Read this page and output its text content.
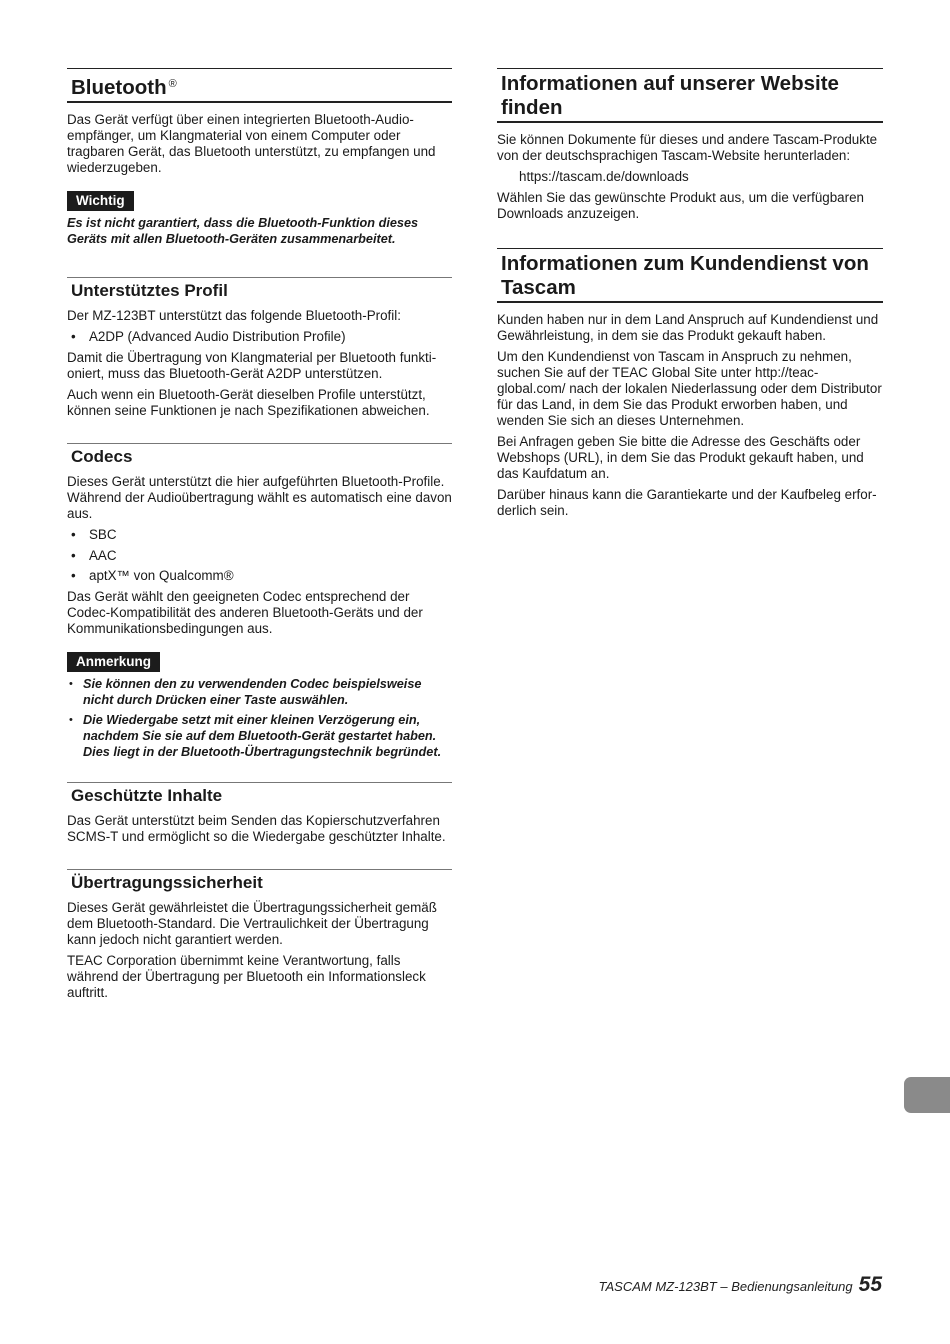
Bluetooth ®

Das Gerät verfügt über einen integrierten Bluetooth-Audio-empfänger, um Klangmaterial von einem Computer oder tragbaren Gerät, das Bluetooth unterstützt, zu empfangen und wiederzugeben.

Wichtig

Es ist nicht garantiert, dass die Bluetooth-Funktion dieses Geräts mit allen Bluetooth-Geräten zusammenarbeitet.

Unterstütztes Profil

Der MZ-123BT unterstützt das folgende Bluetooth-Profil:

• A2DP (Advanced Audio Distribution Profile)

Damit die Übertragung von Klangmaterial per Bluetooth funkti-oniert, muss das Bluetooth-Gerät A2DP unterstützen.

Auch wenn ein Bluetooth-Gerät dieselben Profile unterstützt, können seine Funktionen je nach Spezifikationen abweichen.

Codecs

Dieses Gerät unterstützt die hier aufgeführten Bluetooth-Profile. Während der Audioübertragung wählt es automatisch eine davon aus.

• SBC
• AAC
• aptX™ von Qualcomm®

Das Gerät wählt den geeigneten Codec entsprechend der Codec-Kompatibilität des anderen Bluetooth-Geräts und der Kommunikationsbedingungen aus.

Anmerkung
• Sie können den zu verwendenden Codec beispielsweise nicht durch Drücken einer Taste auswählen.
• Die Wiedergabe setzt mit einer kleinen Verzögerung ein, nachdem Sie sie auf dem Bluetooth-Gerät gestartet haben. Dies liegt in der Bluetooth-Übertragungstechnik begründet.
Geschützte Inhalte

Das Gerät unterstützt beim Senden das Kopierschutzverfahren SCMS-T und ermöglicht so die Wiedergabe geschützter Inhalte.

Übertragungssicherheit

Dieses Gerät gewährleistet die Übertragungssicherheit gemäß dem Bluetooth-Standard. Die Vertraulichkeit der Übertragung kann jedoch nicht garantiert werden.

TEAC Corporation übernimmt keine Verantwortung, falls während der Übertragung per Bluetooth ein Informationsleck auftritt.

Informationen auf unserer Website finden

Sie können Dokumente für dieses und andere Tascam-Produkte von der deutschsprachigen Tascam-Website herunterladen:

https://tascam.de/downloads

Wählen Sie das gewünschte Produkt aus, um die verfügbaren Downloads anzuzeigen.

Informationen zum Kundendienst von Tascam

Kunden haben nur in dem Land Anspruch auf Kundendienst und Gewährleistung, in dem sie das Produkt gekauft haben.

Um den Kundendienst von Tascam in Anspruch zu nehmen, suchen Sie auf der TEAC Global Site unter http://teac-global.com/ nach der lokalen Niederlassung oder dem Distributor für das Land, in dem Sie das Produkt erworben haben, und wenden Sie sich an dieses Unternehmen.

Bei Anfragen geben Sie bitte die Adresse des Geschäfts oder Webshops (URL), in dem Sie das Produkt gekauft haben, und das Kaufdatum an.

Darüber hinaus kann die Garantiekarte und der Kaufbeleg erfor-derlich sein.

TASCAM MZ-123BT – Bedienungsanleitung 55
